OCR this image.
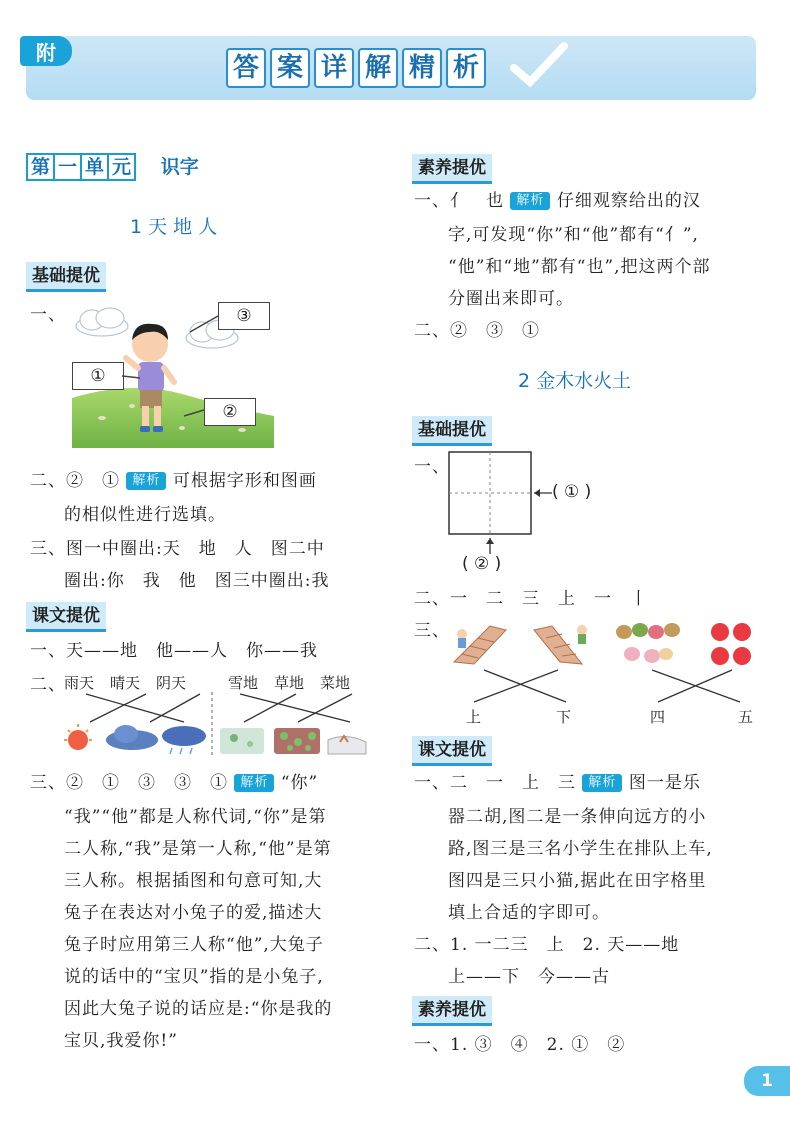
附
答 案 详 解 精 析
第 一 单 元 识字
1 天 地 人
基础提优
一、	③
①
②
二、②　① 解析 可根据字形和图画
的相似性进行选填。
三、图一中圈出:天　地　人　图二中
圈出:你　我　他　图三中圈出:我
课文提优
一、天——地　他——人　你——我
二、
雨天 晴天 阴天	雪地 草地 菜地
三、②　①　③　③　① 解析 “你”
“我”“他”都是人称代词,“你”是第
二人称,“我”是第一人称,“他”是第
三人称。根据插图和句意可知,大
兔子在表达对小兔子的爱,描述大
兔子时应用第三人称“他”,大兔子
说的话中的“宝贝”指的是小兔子,
因此大兔子说的话应是:“你是我的
宝贝,我爱你!”
素养提优
一、亻　也 解析 仔细观察给出的汉
字,可发现“你”和“他”都有“亻”,
“他”和“地”都有“也”,把这两个部
分圈出来即可。
二、②　③　①
2 金木水火土
基础提优
一、
( ① )
( ② )
二、一　二　三　上　一　丨
三、
上	下	四	五
课文提优
一、二　一　上　三 解析 图一是乐
器二胡,图二是一条伸向远方的小
路,图三是三名小学生在排队上车,
图四是三只小猫,据此在田字格里
填上合适的字即可。
二、1. 一二三　上　2. 天——地
上——下　今——古
素养提优
一、1. ③　④　2. ①　②
1
